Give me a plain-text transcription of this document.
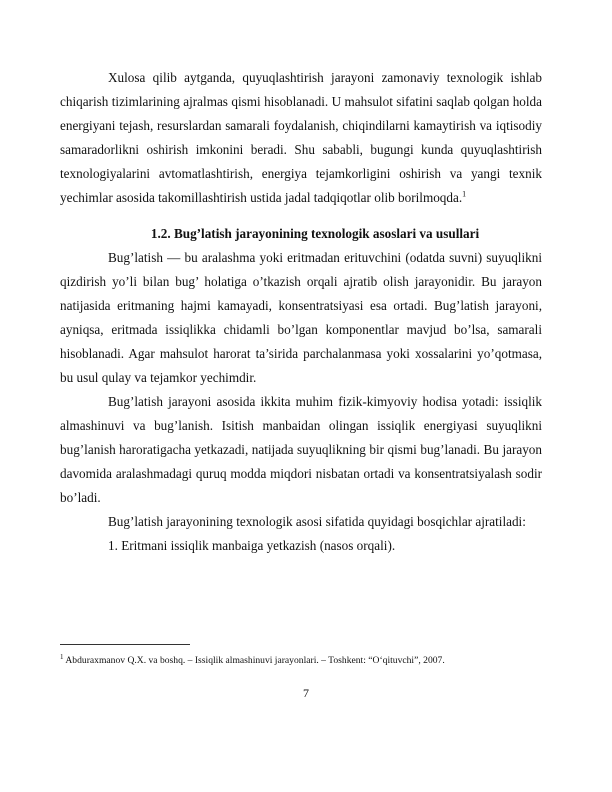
Xulosa qilib aytganda, quyuqlashtirish jarayoni zamonaviy texnologik ishlab chiqarish tizimlarining ajralmas qismi hisoblanadi. U mahsulot sifatini saqlab qolgan holda energiyani tejash, resurslardan samarali foydalanish, chiqindilarni kamaytirish va iqtisodiy samaradorlikni oshirish imkonini beradi. Shu sababli, bugungi kunda quyuqlashtirish texnologiyalarini avtomatlashtirish, energiya tejamkorligini oshirish va yangi texnik yechimlar asosida takomillashtirish ustida jadal tadqiqotlar olib borilmoqda.$^1$

1.2. Bug’latish jarayonining texnologik asoslari va usullari

Bug’latish — bu aralashma yoki eritmadan erituvchini (odatda suvni) suyuqlikni qizdirish yo’li bilan bug’ holatiga o’tkazish orqali ajratib olish jarayonidir. Bu jarayon natijasida eritmaning hajmi kamayadi, konsentratsiyasi esa ortadi. Bug’latish jarayoni, ayniqsa, eritmada issiqlikka chidamli bo’lgan komponentlar mavjud bo’lsa, samarali hisoblanadi. Agar mahsulot harorat ta’sirida parchalanmasa yoki xossalarini yo’qotmasa, bu usul qulay va tejamkor yechimdir.

Bug’latish jarayoni asosida ikkita muhim fizik-kimyoviy hodisa yotadi: issiqlik almashinuvi va bug’lanish. Isitish manbaidan olingan issiqlik energiyasi suyuqlikni bug’lanish haroratigacha yetkazadi, natijada suyuqlikning bir qismi bug’lanadi. Bu jarayon davomida aralashmadagi quruq modda miqdori nisbatan ortadi va konsentratsiyalash sodir bo’ladi.

Bug’latish jarayonining texnologik asosi sifatida quyidagi bosqichlar ajratiladi:

1. Eritmani issiqlik manbaiga yetkazish (nasos orqali).

$^1$ Abduraxmanov Q.X. va boshq. – Issiqlik almashinuvi jarayonlari. – Toshkent: “O‘qituvchi”, 2007.
7
